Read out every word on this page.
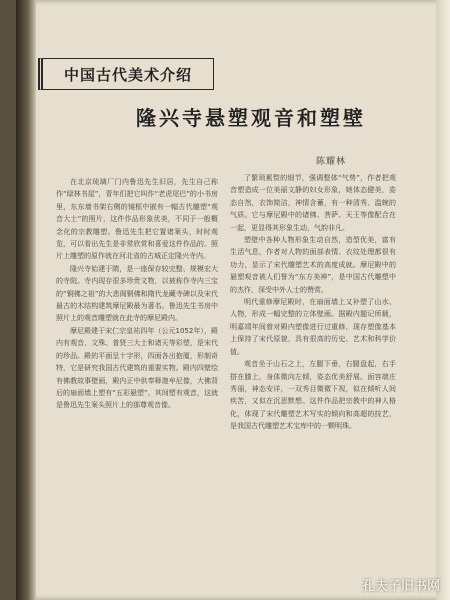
中国古代美术介绍
隆兴寺悬塑观音和塑壁
陈耀林

在北京琉璃厂门内鲁迅先生旧居，先生自己称作“绿林书屋”，青年们把它叫作“老虎尾巴”的小书房里，东东墙书架右侧的镜框中嵌有一幅古代雕塑“观音大士”的照片，这件作品形象优美，不同于一般概念化的宗教雕塑。鲁迅先生把它置诸案头，时时观览，可以看出先生是非常欣赏和喜爱这件作品的。照片上雕塑的原作就在河北省的古城正定隆兴寺内。

隆兴寺始建于隋，是一座保存较完整、规模宏大的寺院。寺内现存很多珍贵文物，以被称作寺内三宝的“铜佛之祖”的大悲阁铜佛和隋代龙藏寺碑以及宋代最古的木结构建筑摩尼殿最为著名。鲁迅先生书房中照片上的观音雕塑就在此寺的摩尼殿内。

摩尼殿建于宋仁宗皇祐四年（公元1052年），殿内有观音、文殊、普贤三大士和诸天等彩塑，是宋代的珍品。殿的平面呈十字形，四面各出抱厦，形制奇特，它是研究我国古代建筑的重要实物。殿内四壁绘有佛教故事壁画，殿内正中供奉释迦牟尼像，大佛背后的扇面墙上塑有“五彩悬塑”，其间塑有观音，这就是鲁迅先生案头照片上的那尊观音像。

了繁琐累赘的细节，强调整体“气势”，作者把观音塑造成一位美丽文静的妇女形象，她体态健美，姿态自然，衣饰简洁，神情含蓄，有一种清秀、温婉的气质。它与摩尼殿中的诸佛、菩萨、天王等像配合在一起，更显得其形象生动，气韵非凡。

塑壁中各种人物形象生动自然，造型优美，富有生活气息，作者对人物的面部表情、衣纹处理都很有功力，显示了宋代雕塑艺术的高度成就。摩尼殿中的悬塑观音被人们誉为“东方美神”，是中国古代雕塑中的杰作，深受中外人士的赞赏。

明代重修摩尼殿时，在扇面墙上又补塑了山水、人物，形成一幅完整的立体壁画。据殿内题记所载，明嘉靖年间曾对殿内塑像进行过重修，现存塑像基本上保持了宋代原貌，具有很高的历史、艺术和科学价值。

观音坐于山石之上，左腿下垂，右腿盘起，右手搭在膝上，身体微向左倾，姿态优美舒展。面容端庄秀丽，神态安详，一双秀目微微下视，似在倾听人间疾苦，又似在沉思默想。这件作品把宗教中的神人格化，体现了宋代雕塑艺术写实的倾向和高超的技艺，是我国古代雕塑艺术宝库中的一颗明珠。

孔夫子旧书网
